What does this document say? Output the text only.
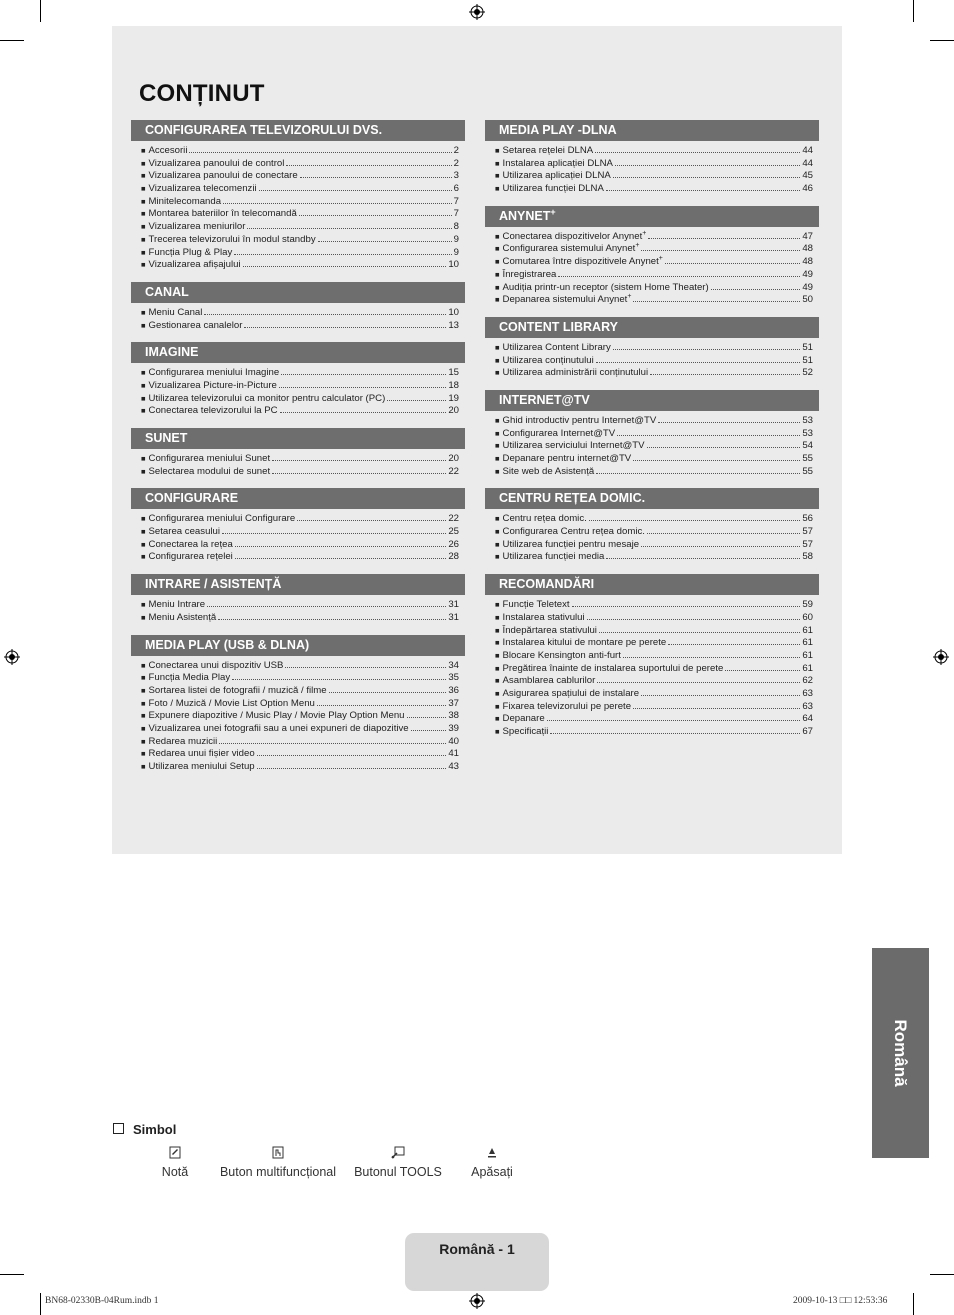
CONȚINUT
CONFIGURAREA TELEVIZORULUI DVS.
■ Accesorii	2
■ Vizualizarea panoului de control	2
■ Vizualizarea panoului de conectare	3
■ Vizualizarea telecomenzii	6
■ Minitelecomanda	7
■ Montarea bateriilor în telecomandă	7
■ Vizualizarea meniurilor	8
■ Trecerea televizorului în modul standby	9
■ Funcția Plug & Play	9
■ Vizualizarea afișajului	10
CANAL
■ Meniu Canal	10
■ Gestionarea canalelor	13
IMAGINE
■ Configurarea meniului Imagine	15
■ Vizualizarea Picture-in-Picture	18
■ Utilizarea televizorului ca monitor pentru calculator (PC)	19
■ Conectarea televizorului la PC	20
SUNET
■ Configurarea meniului Sunet	20
■ Selectarea modului de sunet	22
CONFIGURARE
■ Configurarea meniului Configurare	22
■ Setarea ceasului	25
■ Conectarea la rețea	26
■ Configurarea rețelei	28
INTRARE / ASISTENȚĂ
■ Meniu Intrare	31
■ Meniu Asistență	31
MEDIA PLAY (USB & DLNA)
■ Conectarea unui dispozitiv USB	34
■ Funcția Media Play	35
■ Sortarea listei de fotografii / muzică / filme	36
■ Foto / Muzică / Movie List Option Menu	37
■ Expunere diapozitive / Music Play / Movie Play Option Menu	38
■ Vizualizarea unei fotografii sau a unei expuneri de diapozitive	39
■ Redarea muzicii	40
■ Redarea unui fișier video	41
■ Utilizarea meniului Setup	43
MEDIA PLAY -DLNA
■ Setarea rețelei DLNA	44
■ Instalarea aplicației DLNA	44
■ Utilizarea aplicației DLNA	45
■ Utilizarea funcției DLNA	46
ANYNET+
■ Conectarea dispozitivelor Anynet+	47
■ Configurarea sistemului Anynet+	48
■ Comutarea între dispozitivele Anynet+	48
■ Înregistrarea	49
■ Audiția printr-un receptor (sistem Home Theater)	49
■ Depanarea sistemului Anynet+	50
CONTENT LIBRARY
■ Utilizarea Content Library	51
■ Utilizarea conținutului	51
■ Utilizarea administrării conținutului	52
INTERNET@TV
■ Ghid introductiv pentru Internet@TV	53
■ Configurarea Internet@TV	53
■ Utilizarea serviciului Internet@TV	54
■ Depanare pentru internet@TV	55
■ Site web de Asistență	55
CENTRU REȚEA DOMIC.
■ Centru rețea domic.	56
■ Configurarea Centru rețea domic.	57
■ Utilizarea funcției pentru mesaje	57
■ Utilizarea funcției media	58
RECOMANDĂRI
■ Funcție Teletext	59
■ Instalarea stativului	60
■ Îndepărtarea stativului	61
■ Instalarea kitului de montare pe perete	61
■ Blocare Kensington anti-furt	61
■ Pregătirea înainte de instalarea suportului de perete	61
■ Asamblarea cablurilor	62
■ Asigurarea spațiului de instalare	63
■ Fixarea televizorului pe perete	63
■ Depanare	64
■ Specificații	67
Română
Simbol
Notă	Buton multifuncțional	Butonul TOOLS	Apăsați
Română - 1
BN68-02330B-04Rum.indb 1	2009-10-13 □□ 12:53:36
